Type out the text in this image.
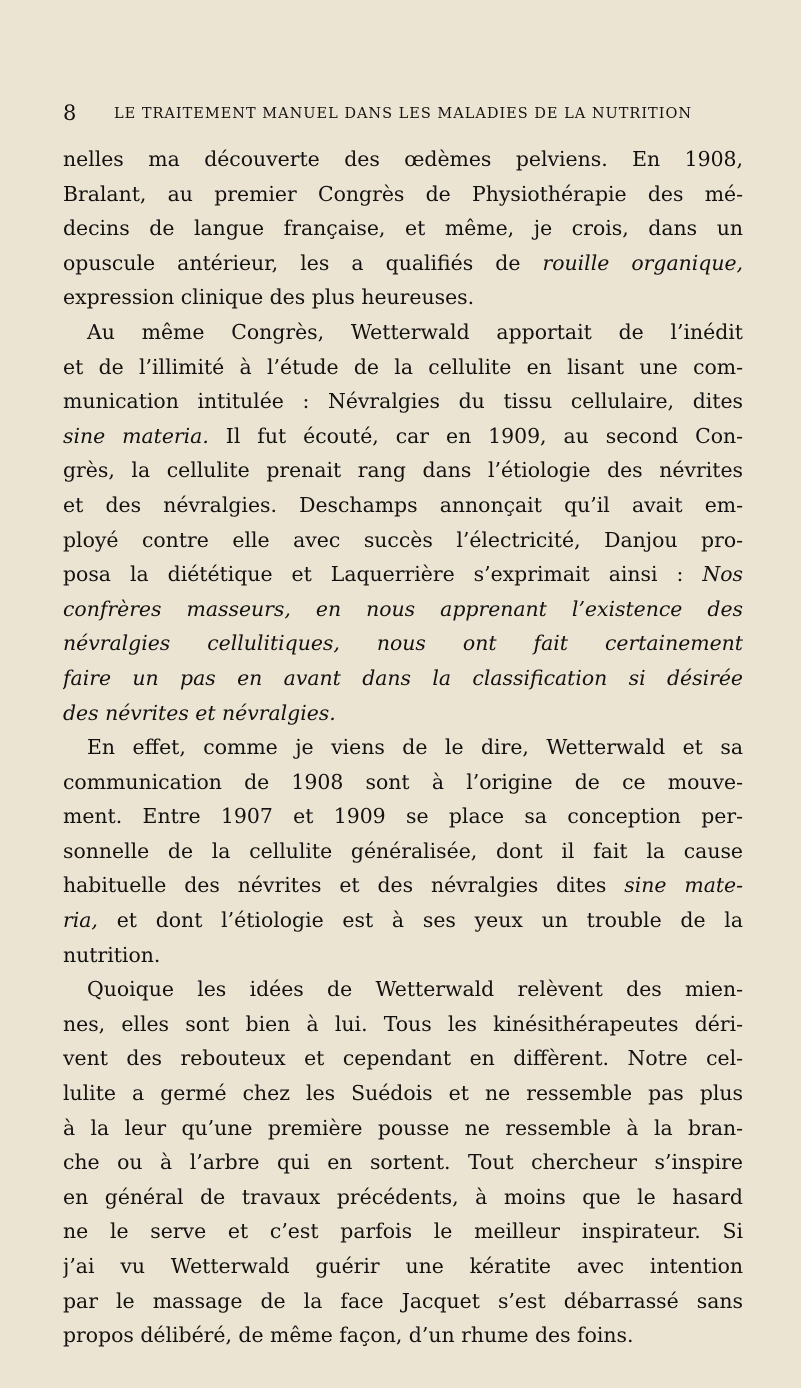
8	LE TRAITEMENT MANUEL DANS LES MALADIES DE LA NUTRITION
nelles ma découverte des œdèmes pelviens. En 1908,
Bralant, au premier Congrès de Physiothérapie des mé-
decins de langue française, et même, je crois, dans un
opuscule antérieur, les a qualifiés de rouille organique,
expression clinique des plus heureuses.
Au même Congrès, Wetterwald apportait de l’inédit
et de l’illimité à l’étude de la cellulite en lisant une com-
munication intitulée : Névralgies du tissu cellulaire, dites
sine materia. Il fut écouté, car en 1909, au second Con-
grès, la cellulite prenait rang dans l’étiologie des névrites
et des névralgies. Deschamps annonçait qu’il avait em-
ployé contre elle avec succès l’électricité, Danjou pro-
posa la diététique et Laquerrière s’exprimait ainsi : Nos
confrères masseurs, en nous apprenant l’existence des
névralgies cellulitiques, nous ont fait certainement
faire un pas en avant dans la classification si désirée
des névrites et névralgies.
En effet, comme je viens de le dire, Wetterwald et sa
communication de 1908 sont à l’origine de ce mouve-
ment. Entre 1907 et 1909 se place sa conception per-
sonnelle de la cellulite généralisée, dont il fait la cause
habituelle des névrites et des névralgies dites sine mate-
ria, et dont l’étiologie est à ses yeux un trouble de la
nutrition.
Quoique les idées de Wetterwald relèvent des mien-
nes, elles sont bien à lui. Tous les kinésithérapeutes déri-
vent des rebouteux et cependant en diffèrent. Notre cel-
lulite a germé chez les Suédois et ne ressemble pas plus
à la leur qu’une première pousse ne ressemble à la bran-
che ou à l’arbre qui en sortent. Tout chercheur s’inspire
en général de travaux précédents, à moins que le hasard
ne le serve et c’est parfois le meilleur inspirateur. Si
j’ai vu Wetterwald guérir une kératite avec intention
par le massage de la face Jacquet s’est débarrassé sans
propos délibéré, de même façon, d’un rhume des foins.
